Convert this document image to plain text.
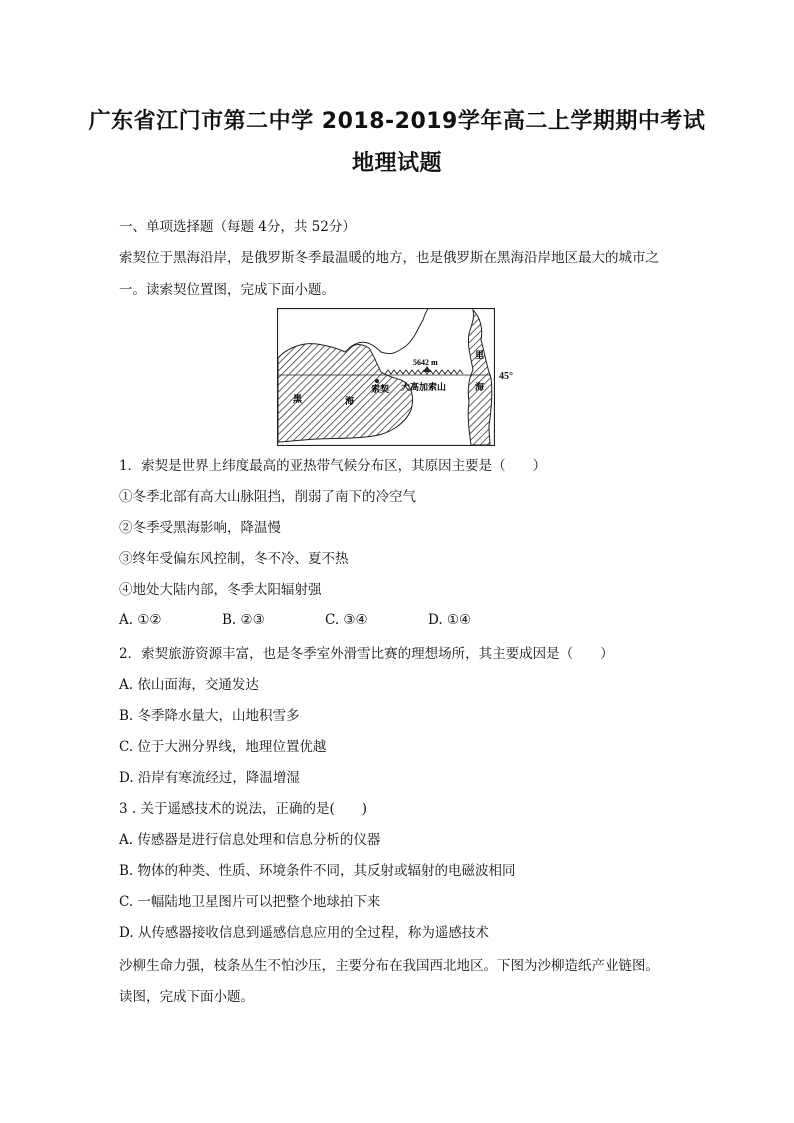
广东省江门市第二中学 2018-2019学年高二上学期期中考试
地理试题
一、单项选择题（每题 4分，共 52分）
索契位于黑海沿岸，是俄罗斯冬季最温暖的地方，也是俄罗斯在黑海沿岸地区最大的城市之
一。读索契位置图，完成下面小题。
5642 m
大高加索山
索契
黑	海
里
海
45°
1．索契是世界上纬度最高的亚热带气候分布区，其原因主要是（　　）
①冬季北部有高大山脉阻挡，削弱了南下的冷空气
②冬季受黑海影响，降温慢
③终年受偏东风控制，冬不冷、夏不热
④地处大陆内部，冬季太阳辐射强
A. ①②	B. ②③	C. ③④	D. ①④
2．索契旅游资源丰富，也是冬季室外滑雪比赛的理想场所，其主要成因是（　　）
A. 依山面海，交通发达
B. 冬季降水量大，山地积雪多
C. 位于大洲分界线，地理位置优越
D. 沿岸有寒流经过，降温增湿
3 . 关于遥感技术的说法，正确的是(　　)
A. 传感器是进行信息处理和信息分析的仪器
B. 物体的种类、性质、环境条件不同，其反射或辐射的电磁波相同
C. 一幅陆地卫星图片可以把整个地球拍下来
D. 从传感器接收信息到遥感信息应用的全过程，称为遥感技术
沙柳生命力强，枝条丛生不怕沙压，主要分布在我国西北地区。下图为沙柳造纸产业链图。
读图，完成下面小题。
